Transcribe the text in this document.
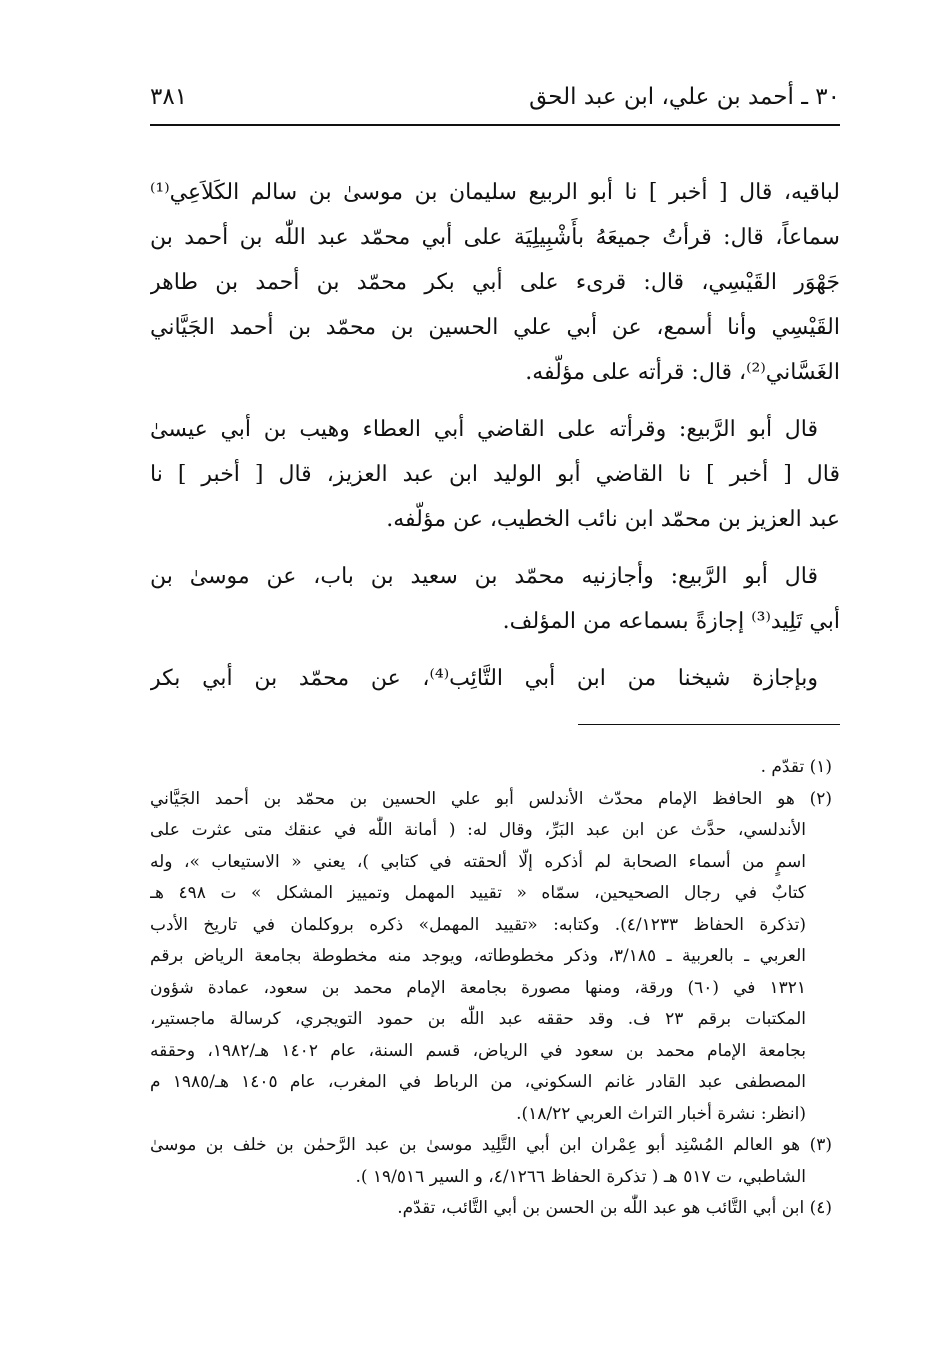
٣٠ ـ أحمد بن علي، ابن عبد الحق
٣٨١
لباقيه، قال [ أخبر ] نا أبو الربيع سليمان بن موسىٰ بن سالم الكَلاَعِي⁽¹⁾
سماعاً، قال: قرأتُ جميعَهُ بأَشْبِيلِيَة على أبي محمّد عبد اللّٰه بن أحمد بن
جَهْوَر القَيْسِي، قال: قرىء على أبي بكر محمّد بن أحمد بن طاهر
القَيْسِي وأنا أسمع، عن أبي علي الحسين بن محمّد بن أحمد الجَيَّاني
الغَسَّاني⁽²⁾، قال: قرأته على مؤلّفه.
قال أبو الرَّبيع: وقرأته على القاضي أبي العطاء وهيب بن أبي عيسىٰ
قال [ أخبر ] نا القاضي أبو الوليد ابن عبد العزيز، قال [ أخبر ] نا
عبد العزيز بن محمّد ابن نائب الخطيب، عن مؤلّفه.
قال أبو الرَّبيع: وأجازنيه محمّد بن سعيد بن باب، عن موسىٰ بن
أبي تَلِيد⁽³⁾ إجازةً بسماعه من المؤلف.
وبإجازة شيخنا من ابن أبي التَّائِب⁽⁴⁾، عن محمّد بن أبي بكر
(١) تقدّم .
(٢) هو الحافظ الإمام محدّث الأندلس أبو علي الحسين بن محمّد بن أحمد الجَيَّاني
الأندلسي، حدَّث عن ابن عبد البَرِّ، وقال له: ( أمانة اللّٰه في عنقك متى عثرت على
اسمٍ من أسماء الصحابة لم أذكره إلّا ألحقته في كتابي )، يعني « الاستيعاب »، وله
كتابٌ في رجال الصحيحين، سمّاه « تقييد المهمل وتمييز المشكل » ت ٤٩٨ هـ
(تذكرة الحفاظ ٤/١٢٣٣). وكتابه: «تقييد المهمل» ذكره بروكلمان في تاريخ الأدب
العربي ـ بالعربية ـ ٣/١٨٥، وذكر مخطوطاته، ويوجد منه مخطوطة بجامعة الرياض برقم
١٣٢١ في (٦٠) ورقة، ومنها مصورة بجامعة الإمام محمد بن سعود، عمادة شؤون
المكتبات برقم ٢٣ ف. وقد حققه عبد اللّٰه بن حمود التويجري، كرسالة ماجستير،
بجامعة الإمام محمد بن سعود في الرياض، قسم السنة، عام ١٤٠٢ هـ/١٩٨٢، وحققه
المصطفى عبد القادر غانم السكوني، من الرباط في المغرب، عام ١٤٠٥ هـ/١٩٨٥ م
(انظر: نشرة أخبار التراث العربي ١٨/٢٢).
(٣) هو العالم المُسْنِد أبو عِمْران ابن أبي التَّلِيد موسىٰ بن عبد الرَّحمٰن بن خلف بن موسىٰ
الشاطبي، ت ٥١٧ هـ ( تذكرة الحفاظ ٤/١٢٦٦، و السير ١٩/٥١٦ ).
(٤) ابن أبي التَّائب هو عبد اللّٰه بن الحسن بن أبي التَّائب، تقدّم.
